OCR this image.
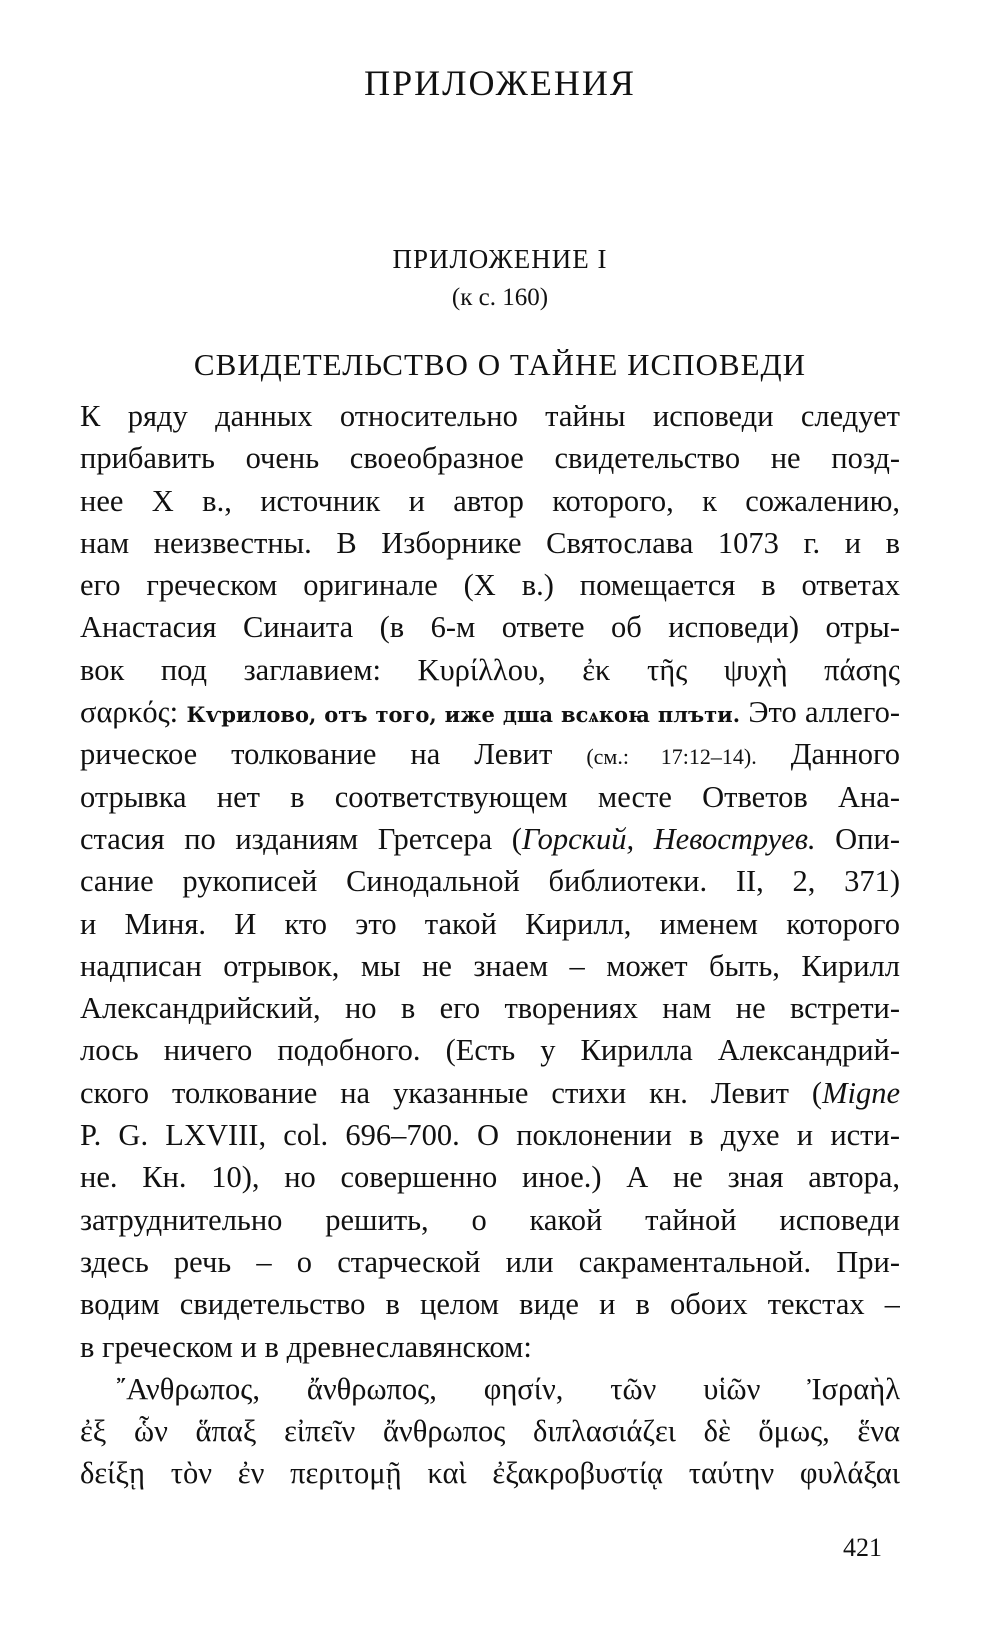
ПРИЛОЖЕНИЯ
ПРИЛОЖЕНИЕ I
(к с. 160)
СВИДЕТЕЛЬСТВО О ТАЙНЕ ИСПОВЕДИ
К ряду данных относительно тайны исповеди следует
прибавить очень своеобразное свидетельство не позд-
нее X в., источник и автор которого, к сожалению,
нам неизвестны. В Изборнике Святослава 1073 г. и в
его греческом оригинале (X в.) помещается в ответах
Анастасия Синаита (в 6-м ответе об исповеди) отры-
вок под заглавием: Κυρίλλου, ἐκ τῆς ψυχὴ πάσης
σαρκός: Кѵрилово, отъ того, иже дша всѧкоꙗ плъти. Это аллего-
рическое толкование на Левит (см.: 17:12–14). Данного
отрывка нет в соответствующем месте Ответов Ана-
стасия по изданиям Гретсера (Горский, Невоструев. Опи-
сание рукописей Синодальной библиотеки. II, 2, 371)
и Миня. И кто это такой Кирилл, именем которого
надписан отрывок, мы не знаем – может быть, Кирилл
Александрийский, но в его творениях нам не встрети-
лось ничего подобного. (Есть у Кирилла Александрий-
ского толкование на указанные стихи кн. Левит (Migne
P. G. LXVIII, col. 696–700. О поклонении в духе и исти-
не. Кн. 10), но совершенно иное.) А не зная автора,
затруднительно решить, о какой тайной исповеди
здесь речь – о старческой или сакраментальной. При-
водим свидетельство в целом виде и в обоих текстах –
в греческом и в древнеславянском:
῎Ανθρωπος, ἄνθρωπος, φησίν, τῶν υἱῶν Ἰσραὴλ
ἐξ ὧν ἅπαξ εἰπεῖν ἄνθρωπος διπλασιάζει δὲ ὅμως, ἕνα
δείξῃ τὸν ἐν περιτομῇ καὶ ἐξακροβυστίᾳ ταύτην φυλάξαι
421
